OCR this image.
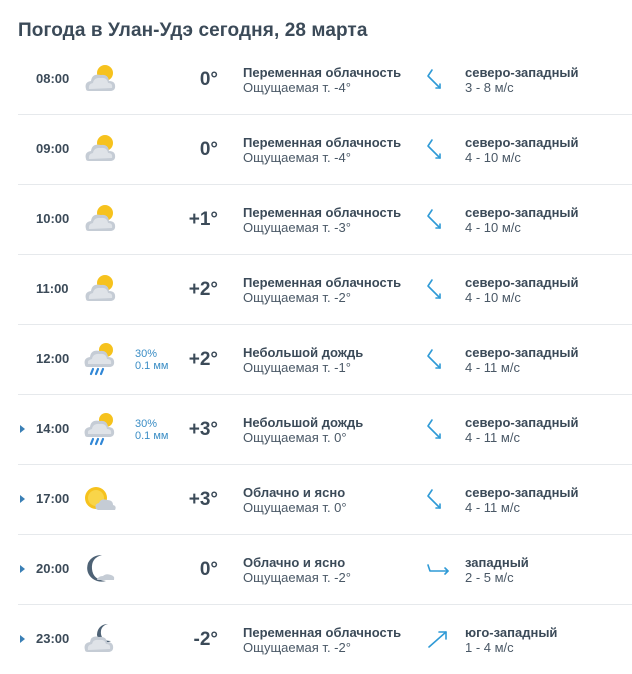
Погода в Улан-Удэ сегодня, 28 марта
08:00	0° Переменная облачность
Ощущаемая т. -4°
северо-западный
3 - 8 м/с
09:00	0° Переменная облачность
Ощущаемая т. -4°
северо-западный
4 - 10 м/с
10:00	+1° Переменная облачность
Ощущаемая т. -3°
северо-западный
4 - 10 м/с
11:00	+2° Переменная облачность
Ощущаемая т. -2°
северо-западный
4 - 10 м/с
12:00	30%
0.1 мм	+2° Небольшой дождь
Ощущаемая т. -1°
северо-западный
4 - 11 м/с
14:00	30%
0.1 мм	+3° Небольшой дождь
Ощущаемая т. 0°
северо-западный
4 - 11 м/с
17:00	+3° Облачно и ясно
Ощущаемая т. 0°
северо-западный
4 - 11 м/с
20:00	0° Облачно и ясно
Ощущаемая т. -2°
западный
2 - 5 м/с
23:00	-2° Переменная облачность
Ощущаемая т. -2°
юго-западный
1 - 4 м/с
